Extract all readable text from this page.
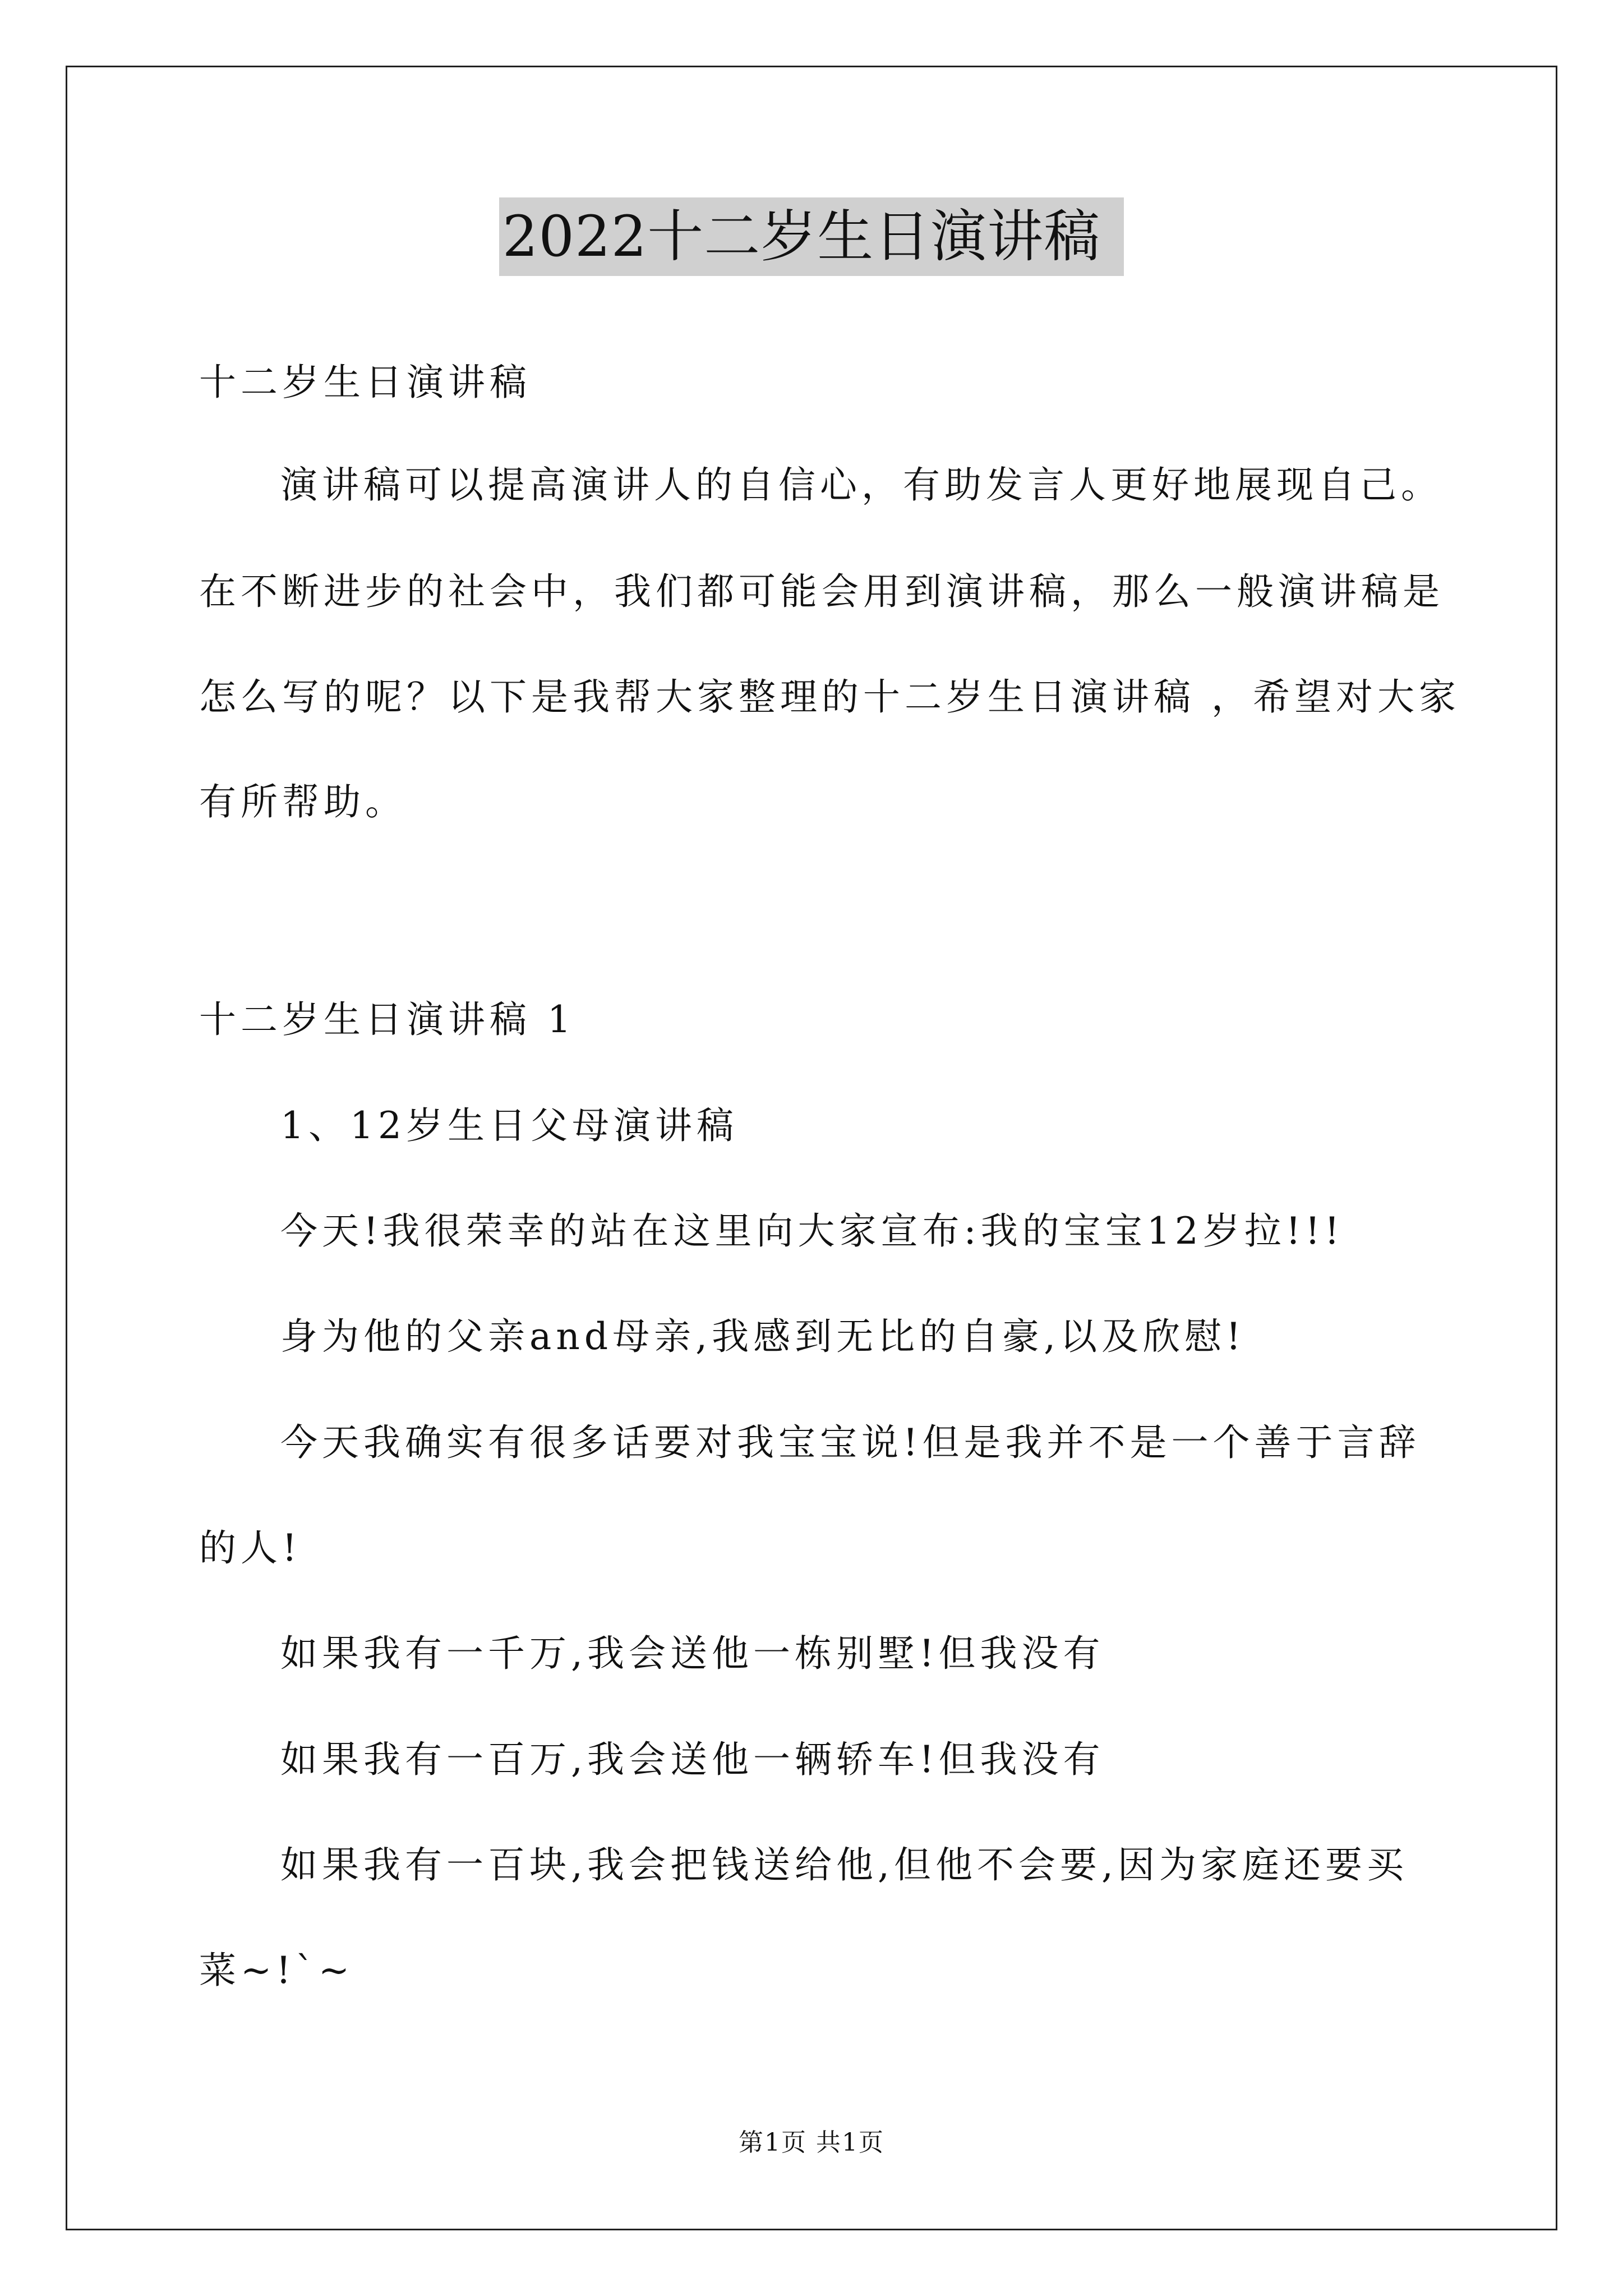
2022十二岁生日演讲稿
十二岁生日演讲稿
演讲稿可以提高演讲人的自信心，有助发言人更好地展现自己。
在不断进步的社会中，我们都可能会用到演讲稿，那么一般演讲稿是
怎么写的呢？以下是我帮大家整理的十二岁生日演讲稿 ，希望对大家
有所帮助。
十二岁生日演讲稿 1
1、12岁生日父母演讲稿
今天!我很荣幸的站在这里向大家宣布:我的宝宝12岁拉!!!
身为他的父亲and母亲,我感到无比的自豪,以及欣慰!
今天我确实有很多话要对我宝宝说!但是我并不是一个善于言辞
的人!
如果我有一千万,我会送他一栋别墅!但我没有
如果我有一百万,我会送他一辆轿车!但我没有
如果我有一百块,我会把钱送给他,但他不会要,因为家庭还要买
菜~!`~
第1页 共1页
